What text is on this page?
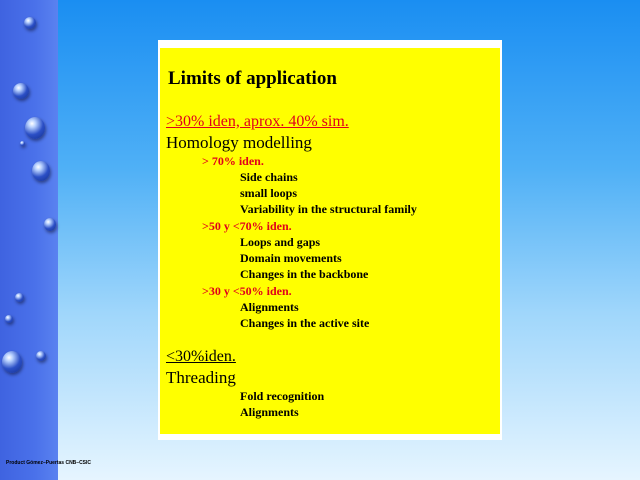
Limits of application
>30% iden, aprox. 40% sim.
Homology modelling
> 70% iden.
Side chains
small loops
Variability in the structural family
>50 y <70% iden.
Loops and gaps
Domain movements
Changes in the backbone
>30 y <50% iden.
Alignments
Changes in the active site
<30%iden.
Threading
Fold recognition
Alignments
Product Gómez–Puertas CNB–CSIC
